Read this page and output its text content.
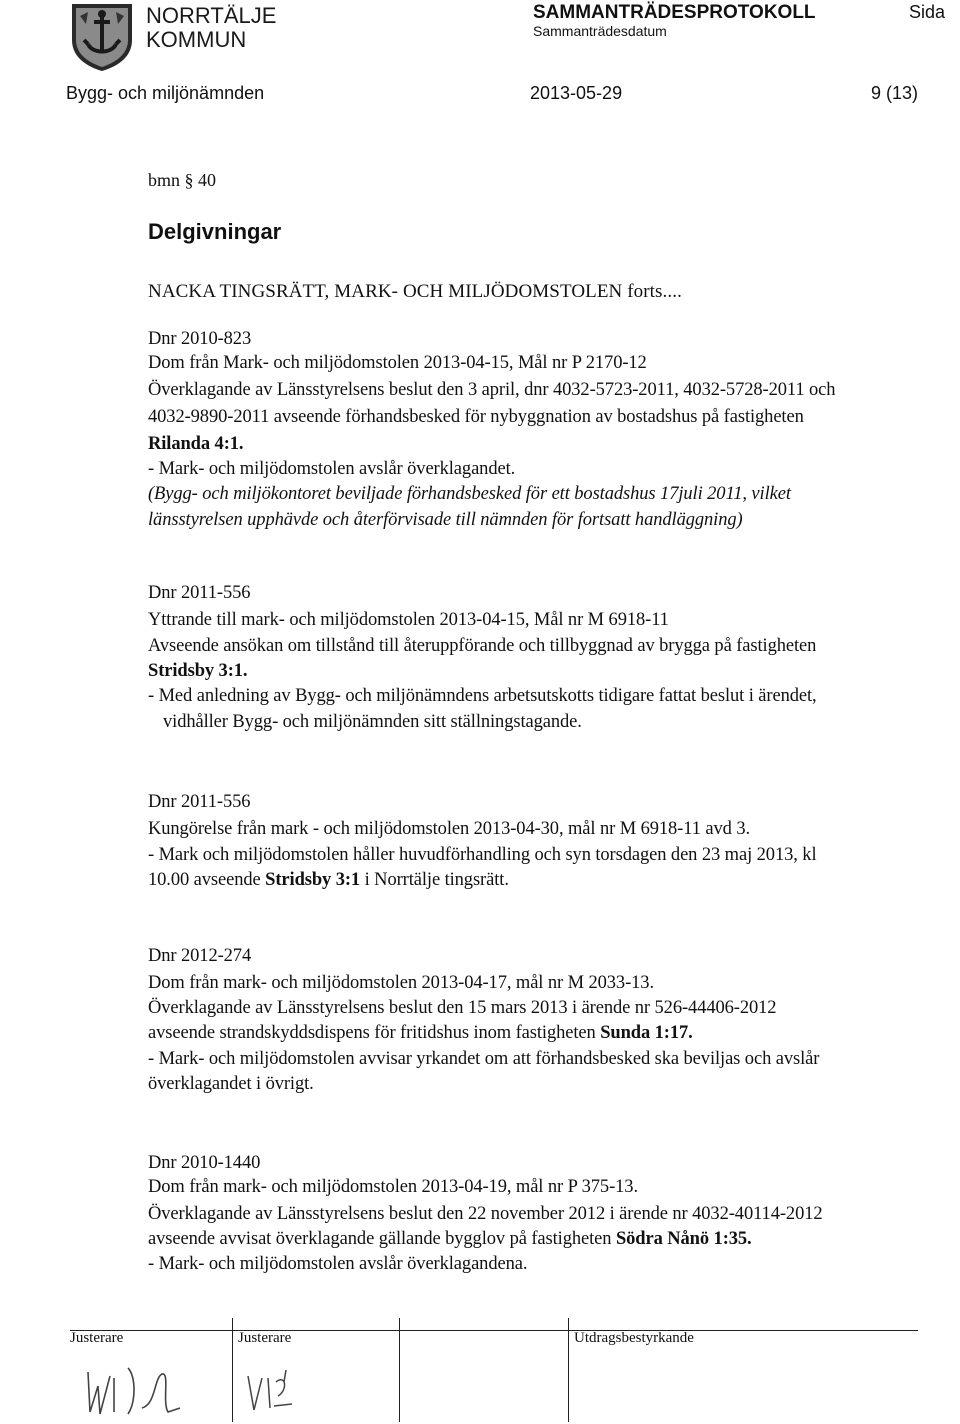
NORRTÄLJE
KOMMUN
SAMMANTRÄDESPROTOKOLL
Sammanträdesdatum
Sida
Bygg- och miljönämnden	2013-05-29	9 (13)
bmn § 40
Delgivningar
NACKA TINGSRÄTT, MARK- OCH MILJÖDOMSTOLEN forts....
Dnr 2010-823
Dom från Mark- och miljödomstolen 2013-04-15, Mål nr P 2170-12
Överklagande av Länsstyrelsens beslut den 3 april, dnr 4032-5723-2011, 4032-5728-2011 och
4032-9890-2011 avseende förhandsbesked för nybyggnation av bostadshus på fastigheten
Rilanda 4:1.
- Mark- och miljödomstolen avslår överklagandet.
(Bygg- och miljökontoret beviljade förhandsbesked för ett bostadshus 17juli 2011, vilket
länsstyrelsen upphävde och återförvisade till nämnden för fortsatt handläggning)
Dnr 2011-556
Yttrande till mark- och miljödomstolen 2013-04-15, Mål nr M 6918-11
Avseende ansökan om tillstånd till återuppförande och tillbyggnad av brygga på fastigheten
Stridsby 3:1.
- Med anledning av Bygg- och miljönämndens arbetsutskotts tidigare fattat beslut i ärendet,
vidhåller Bygg- och miljönämnden sitt ställningstagande.
Dnr 2011-556
Kungörelse från mark - och miljödomstolen 2013-04-30, mål nr M 6918-11 avd 3.
- Mark och miljödomstolen håller huvudförhandling och syn torsdagen den 23 maj 2013, kl
10.00 avseende Stridsby 3:1 i Norrtälje tingsrätt.
Dnr 2012-274
Dom från mark- och miljödomstolen 2013-04-17, mål nr M 2033-13.
Överklagande av Länsstyrelsens beslut den 15 mars 2013 i ärende nr 526-44406-2012
avseende strandskyddsdispens för fritidshus inom fastigheten Sunda 1:17.
- Mark- och miljödomstolen avvisar yrkandet om att förhandsbesked ska beviljas och avslår
överklagandet i övrigt.
Dnr 2010-1440
Dom från mark- och miljödomstolen 2013-04-19, mål nr P 375-13.
Överklagande av Länsstyrelsens beslut den 22 november 2012 i ärende nr 4032-40114-2012
avseende avvisat överklagande gällande bygglov på fastigheten Södra Nånö 1:35.
- Mark- och miljödomstolen avslår överklagandena.
Justerare	Justerare	Utdragsbestyrkande
